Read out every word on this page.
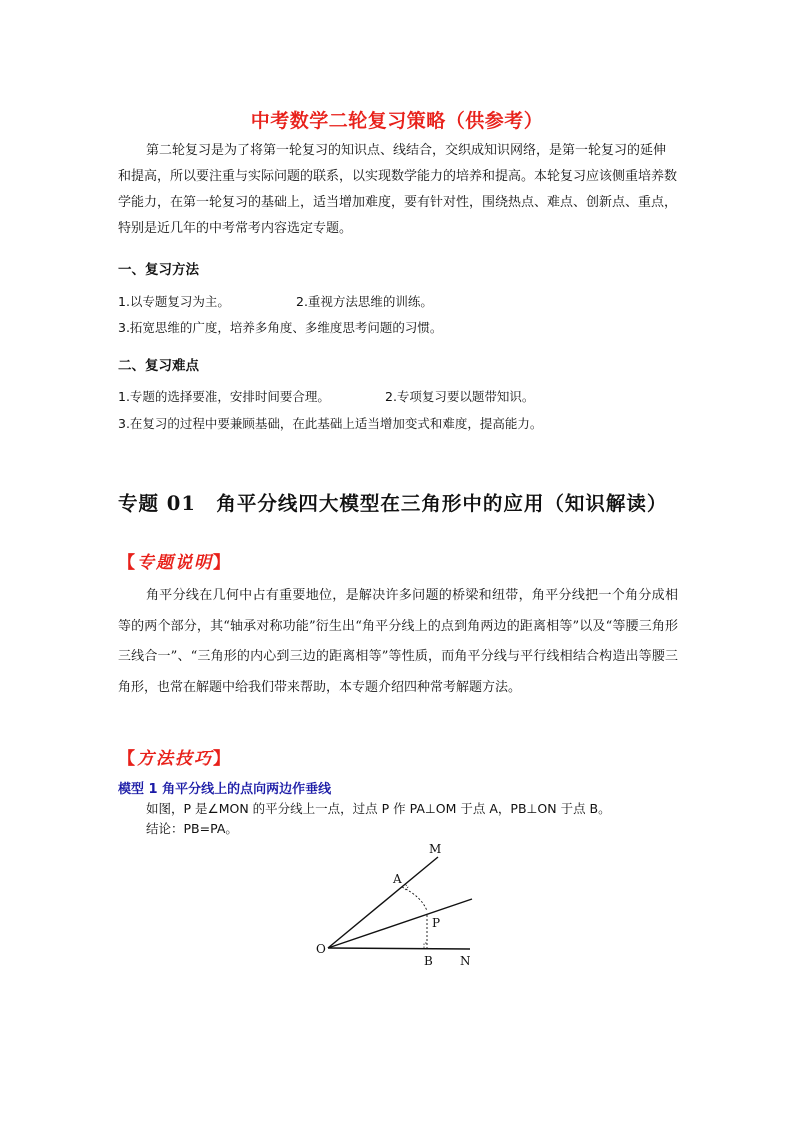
中考数学二轮复习策略（供参考）
第二轮复习是为了将第一轮复习的知识点、线结合，交织成知识网络，是第一轮复习的延伸和提高，所以要注重与实际问题的联系，以实现数学能力的培养和提高。本轮复习应该侧重培养数学能力，在第一轮复习的基础上，适当增加难度，要有针对性，围绕热点、难点、创新点、重点，特别是近几年的中考常考内容选定专题。
一、复习方法
1.以专题复习为主。	2.重视方法思维的训练。
3.拓宽思维的广度，培养多角度、多维度思考问题的习惯。
二、复习难点
1.专题的选择要准，安排时间要合理。	2.专项复习要以题带知识。
3.在复习的过程中要兼顾基础，在此基础上适当增加变式和难度，提高能力。
专题 01　角平分线四大模型在三角形中的应用（知识解读）
【专题说明】
角平分线在几何中占有重要地位，是解决许多问题的桥梁和纽带，角平分线把一个角分成相等的两个部分，其“轴承对称功能”衍生出“角平分线上的点到角两边的距离相等”以及“等腰三角形三线合一”、“三角形的内心到三边的距离相等”等性质，而角平分线与平行线相结合构造出等腰三角形，也常在解题中给我们带来帮助，本专题介绍四种常考解题方法。
【方法技巧】
模型 1 角平分线上的点向两边作垂线
如图，P 是∠MON 的平分线上一点，过点 P 作 PA⊥OM 于点 A，PB⊥ON 于点 B。
结论：PB=PA。
M
A
P
O
B N
